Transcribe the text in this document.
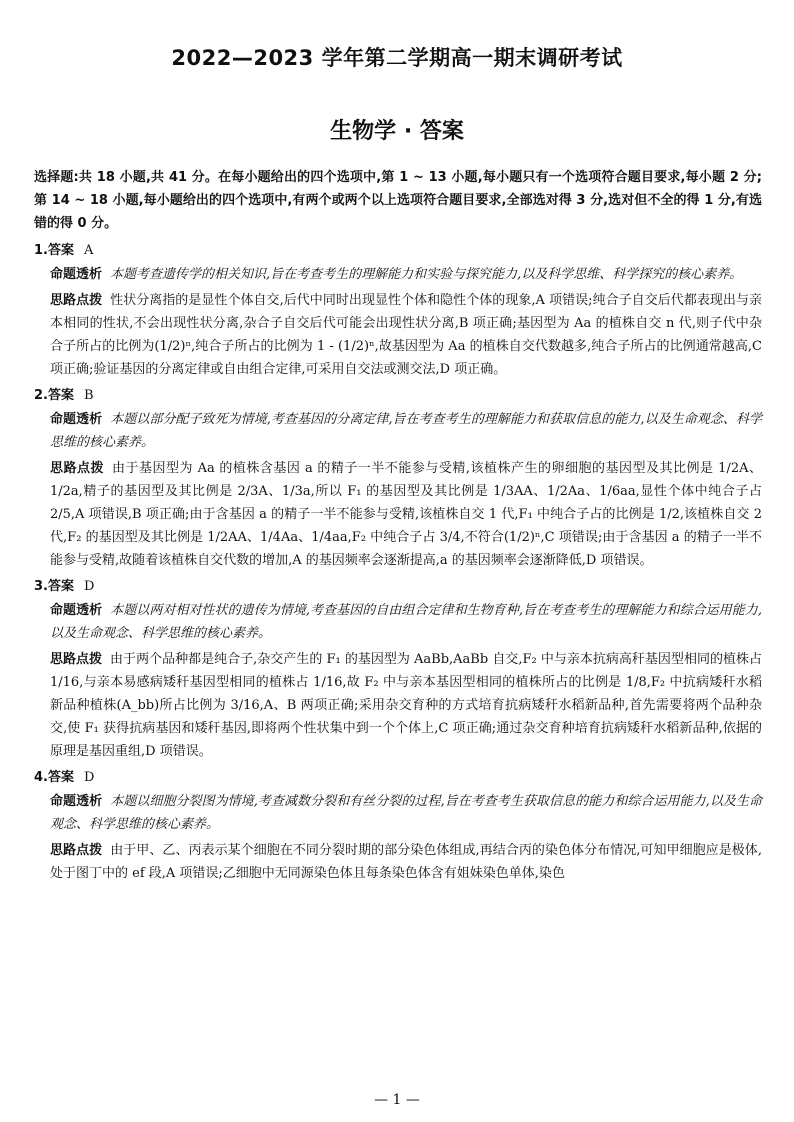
2022—2023 学年第二学期高一期末调研考试
生物学 · 答案
选择题:共 18 小题,共 41 分。在每小题给出的四个选项中,第 1 ~ 13 小题,每小题只有一个选项符合题目要求,每小题 2 分;第 14 ~ 18 小题,每小题给出的四个选项中,有两个或两个以上选项符合题目要求,全部选对得 3 分,选对但不全的得 1 分,有选错的得 0 分。
1.答案 A
命题透析 本题考查遗传学的相关知识,旨在考查考生的理解能力和实验与探究能力,以及科学思维、科学探究的核心素养。
思路点拨 性状分离指的是显性个体自交,后代中同时出现显性个体和隐性个体的现象,A 项错误;纯合子自交后代都表现出与亲本相同的性状,不会出现性状分离,杂合子自交后代可能会出现性状分离,B 项正确;基因型为 Aa 的植株自交 n 代,则子代中杂合子所占的比例为(1/2)ⁿ,纯合子所占的比例为 1 - (1/2)ⁿ,故基因型为 Aa 的植株自交代数越多,纯合子所占的比例通常越高,C 项正确;验证基因的分离定律或自由组合定律,可采用自交法或测交法,D 项正确。
2.答案 B
命题透析 本题以部分配子致死为情境,考查基因的分离定律,旨在考查考生的理解能力和获取信息的能力,以及生命观念、科学思维的核心素养。
思路点拨 由于基因型为 Aa 的植株含基因 a 的精子一半不能参与受精,该植株产生的卵细胞的基因型及其比例是 1/2A、1/2a,精子的基因型及其比例是 2/3A、1/3a,所以 F₁ 的基因型及其比例是 1/3AA、1/2Aa、1/6aa,显性个体中纯合子占 2/5,A 项错误,B 项正确;由于含基因 a 的精子一半不能参与受精,该植株自交 1 代,F₁ 中纯合子占的比例是 1/2,该植株自交 2 代,F₂ 的基因型及其比例是 1/2AA、1/4Aa、1/4aa,F₂ 中纯合子占 3/4,不符合(1/2)ⁿ,C 项错误;由于含基因 a 的精子一半不能参与受精,故随着该植株自交代数的增加,A 的基因频率会逐渐提高,a 的基因频率会逐渐降低,D 项错误。
3.答案 D
命题透析 本题以两对相对性状的遗传为情境,考查基因的自由组合定律和生物育种,旨在考查考生的理解能力和综合运用能力,以及生命观念、科学思维的核心素养。
思路点拨 由于两个品种都是纯合子,杂交产生的 F₁ 的基因型为 AaBb,AaBb 自交,F₂ 中与亲本抗病高秆基因型相同的植株占 1/16,与亲本易感病矮秆基因型相同的植株占 1/16,故 F₂ 中与亲本基因型相同的植株所占的比例是 1/8,F₂ 中抗病矮秆水稻新品种植株(A_bb)所占比例为 3/16,A、B 两项正确;采用杂交育种的方式培育抗病矮秆水稻新品种,首先需要将两个品种杂交,使 F₁ 获得抗病基因和矮秆基因,即将两个性状集中到一个个体上,C 项正确;通过杂交育种培育抗病矮秆水稻新品种,依据的原理是基因重组,D 项错误。
4.答案 D
命题透析 本题以细胞分裂图为情境,考查减数分裂和有丝分裂的过程,旨在考查考生获取信息的能力和综合运用能力,以及生命观念、科学思维的核心素养。
思路点拨 由于甲、乙、丙表示某个细胞在不同分裂时期的部分染色体组成,再结合丙的染色体分布情况,可知甲细胞应是极体,处于图丁中的 ef 段,A 项错误;乙细胞中无同源染色体且每条染色体含有姐妹染色单体,染色
— 1 —
